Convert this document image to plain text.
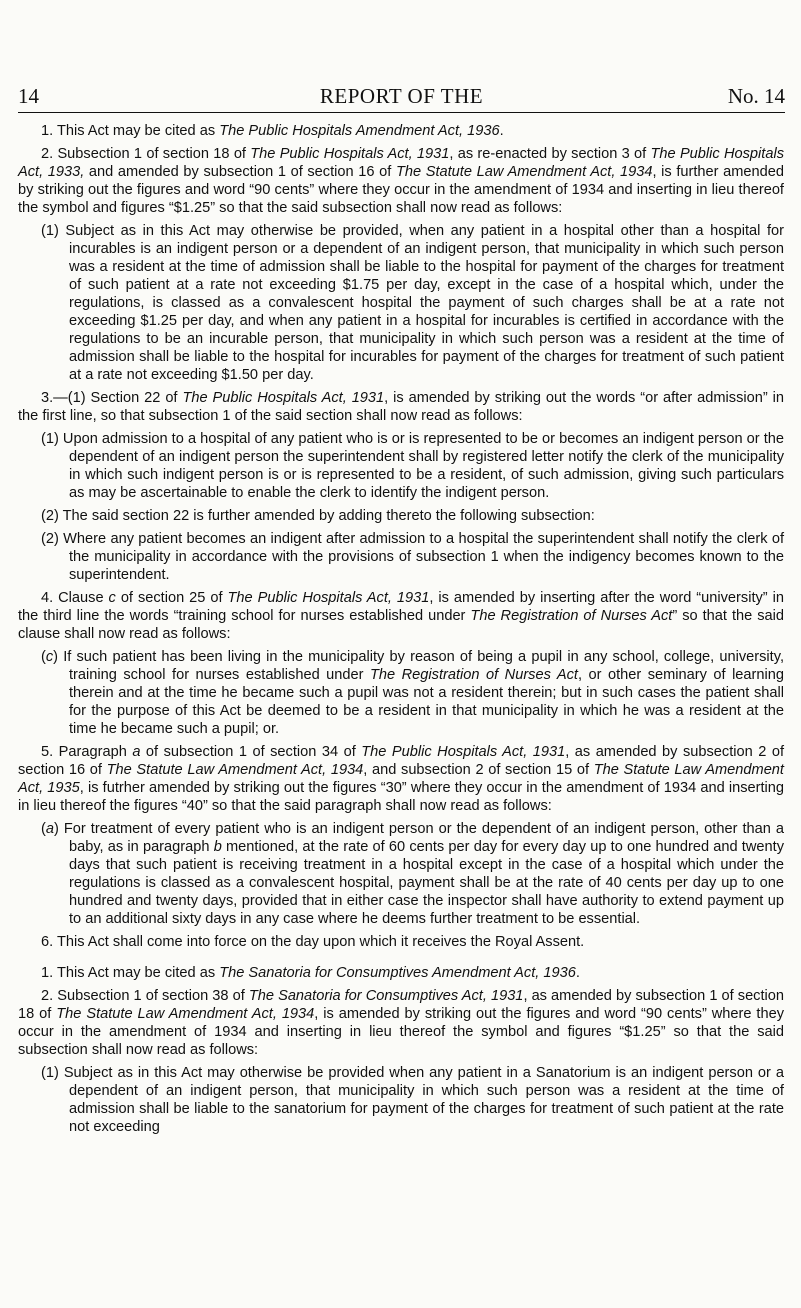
14	REPORT OF THE	No. 14

1. This Act may be cited as The Public Hospitals Amendment Act, 1936.

2. Subsection 1 of section 18 of The Public Hospitals Act, 1931, as re-enacted by section 3 of The Public Hospitals Act, 1933, and amended by subsection 1 of section 16 of The Statute Law Amendment Act, 1934, is further amended by striking out the figures and word “90 cents” where they occur in the amendment of 1934 and inserting in lieu thereof the symbol and figures “$1.25” so that the said subsection shall now read as follows:

(1) Subject as in this Act may otherwise be provided, when any patient in a hospital other than a hospital for incurables is an indigent person or a dependent of an indigent person, that municipality in which such person was a resident at the time of admission shall be liable to the hospital for payment of the charges for treatment of such patient at a rate not exceeding $1.75 per day, except in the case of a hospital which, under the regulations, is classed as a convalescent hospital the payment of such charges shall be at a rate not exceeding $1.25 per day, and when any patient in a hospital for incurables is certified in accordance with the regulations to be an incurable person, that municipality in which such person was a resident at the time of admission shall be liable to the hospital for incurables for payment of the charges for treatment of such patient at a rate not exceeding $1.50 per day.

3.—(1) Section 22 of The Public Hospitals Act, 1931, is amended by striking out the words “or after admission” in the first line, so that subsection 1 of the said section shall now read as follows:

(1) Upon admission to a hospital of any patient who is or is represented to be or becomes an indigent person or the dependent of an indigent person the superintendent shall by registered letter notify the clerk of the municipality in which such indigent person is or is represented to be a resident, of such admission, giving such particulars as may be ascertainable to enable the clerk to identify the indigent person.

(2) The said section 22 is further amended by adding thereto the following subsection:

(2) Where any patient becomes an indigent after admission to a hospital the superintendent shall notify the clerk of the municipality in accordance with the provisions of subsection 1 when the indigency becomes known to the superintendent.

4. Clause c of section 25 of The Public Hospitals Act, 1931, is amended by inserting after the word “university” in the third line the words “training school for nurses established under The Registration of Nurses Act” so that the said clause shall now read as follows:

(c) If such patient has been living in the municipality by reason of being a pupil in any school, college, university, training school for nurses established under The Registration of Nurses Act, or other seminary of learning therein and at the time he became such a pupil was not a resident therein; but in such cases the patient shall for the purpose of this Act be deemed to be a resident in that municipality in which he was a resident at the time he became such a pupil; or.

5. Paragraph a of subsection 1 of section 34 of The Public Hospitals Act, 1931, as amended by subsection 2 of section 16 of The Statute Law Amendment Act, 1934, and subsection 2 of section 15 of The Statute Law Amendment Act, 1935, is futrher amended by striking out the figures “30” where they occur in the amendment of 1934 and inserting in lieu thereof the figures “40” so that the said paragraph shall now read as follows:

(a) For treatment of every patient who is an indigent person or the dependent of an indigent person, other than a baby, as in paragraph b mentioned, at the rate of 60 cents per day for every day up to one hundred and twenty days that such patient is receiving treatment in a hospital except in the case of a hospital which under the regulations is classed as a convalescent hospital, payment shall be at the rate of 40 cents per day up to one hundred and twenty days, provided that in either case the inspector shall have authority to extend payment up to an additional sixty days in any case where he deems further treatment to be essential.

6. This Act shall come into force on the day upon which it receives the Royal Assent.

1. This Act may be cited as The Sanatoria for Consumptives Amendment Act, 1936.

2. Subsection 1 of section 38 of The Sanatoria for Consumptives Act, 1931, as amended by subsection 1 of section 18 of The Statute Law Amendment Act, 1934, is amended by striking out the figures and word “90 cents” where they occur in the amendment of 1934 and inserting in lieu thereof the symbol and figures “$1.25” so that the said subsection shall now read as follows:

(1) Subject as in this Act may otherwise be provided when any patient in a Sanatorium is an indigent person or a dependent of an indigent person, that municipality in which such person was a resident at the time of admission shall be liable to the sanatorium for payment of the charges for treatment of such patient at the rate not exceeding
